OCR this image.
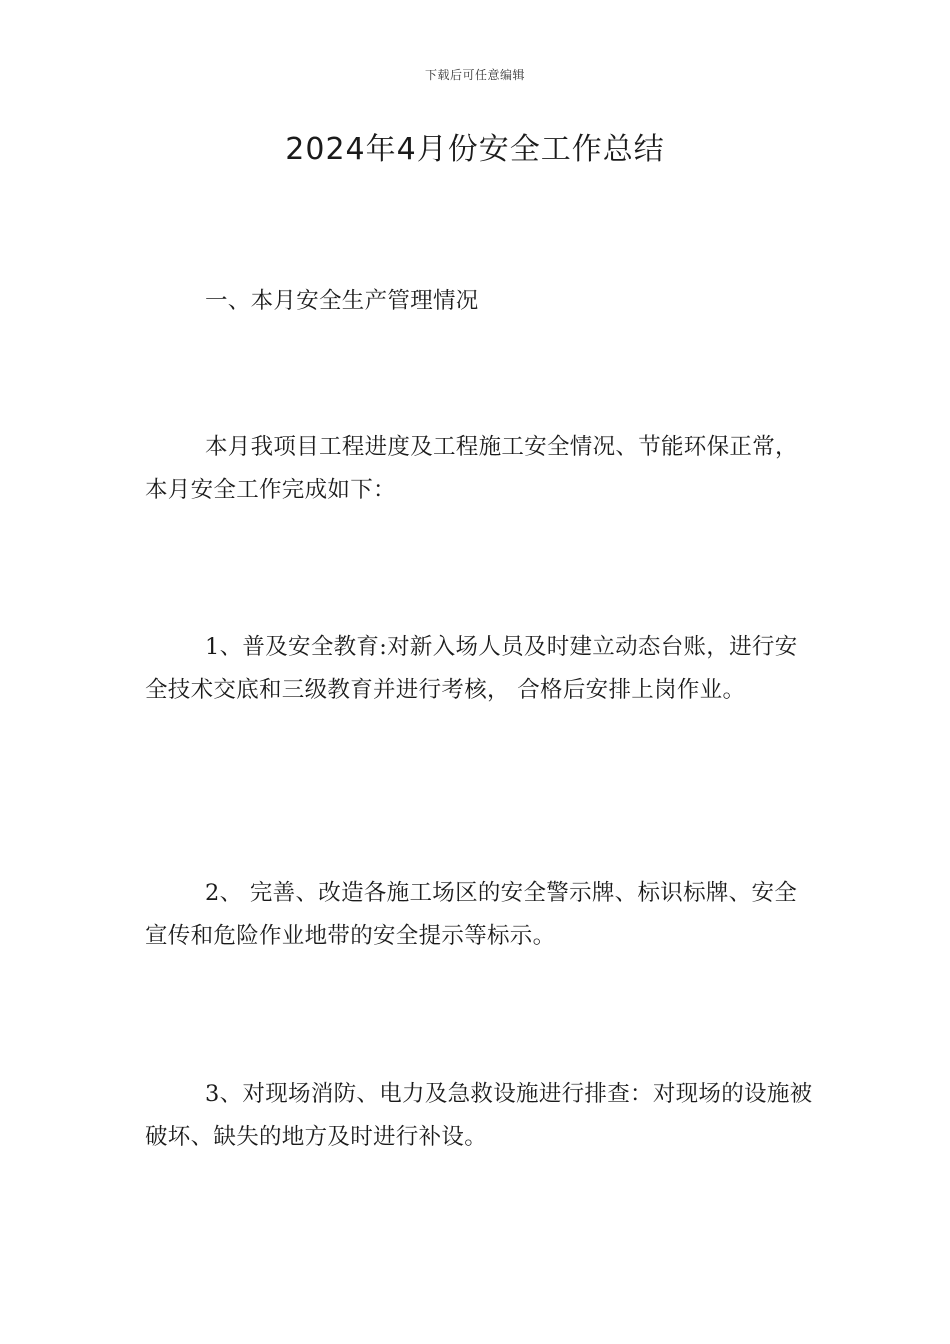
下载后可任意编辑
2024年4月份安全工作总结

一、本月安全生产管理情况

本月我项目工程进度及工程施工安全情况、节能环保正常，本月安全工作完成如下：

1、普及安全教育:对新入场人员及时建立动态台账，进行安全技术交底和三级教育并进行考核， 合格后安排上岗作业。

2、 完善、改造各施工场区的安全警示牌、标识标牌、安全宣传和危险作业地带的安全提示等标示。

3、对现场消防、电力及急救设施进行排查：对现场的设施被破坏、缺失的地方及时进行补设。
